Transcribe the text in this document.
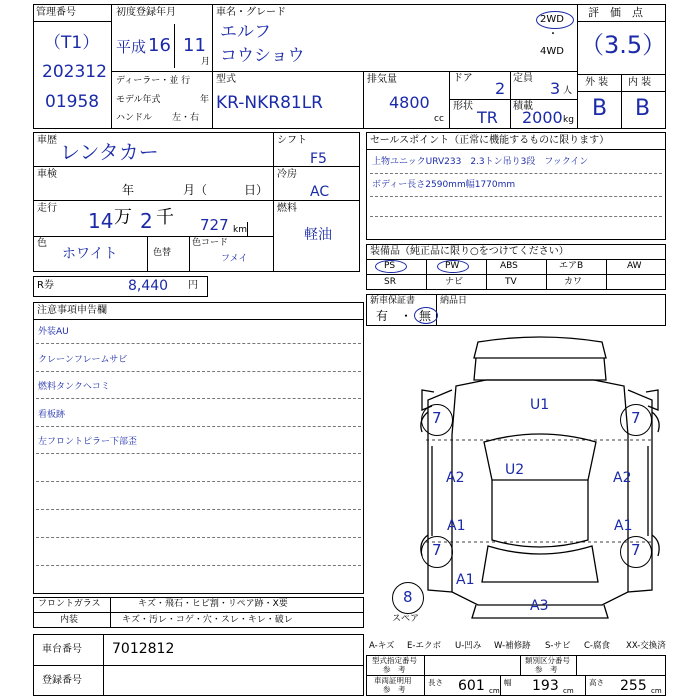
管理番号
（T1）
202312
01958
初度登録年月
平成 16 11
月
車名・グレード
エルフ
コウショウ
2WD
・
4WD
評　価　点
（3.5）
外 装 内 装
B B
ディーラー・並 行
モデル年式	年
ハンドル 左・右
型式
KR-NKR81LR
排気量
4800
cc
ドア
2
定員
3 人
形状
TR
積載
2000 kg
車歴 レンタカー
車検
年	月（	日）
走行
14 万 2 千 727 km
色
ホワイト	色替
色コード
フメイ
シフト
F5
冷房
AC
燃料
軽油
R券	8,440 円
セールスポイント（正常に機能するものに限ります）
上物ユニックURV233　2.3トン吊り3段　フックイン
ボディー長さ2590mm幅1770mm
装備品（純正品に限り○をつけてください）
PS	PW	ABS	エアB	AW
SR	ナビ	TV	カワ
新車保証書
有　・ 無
納品日
注意事項申告欄
外装AU
クレーンフレームサビ
燃料タンクヘコミ
看板跡
左フロントピラー下部歪
U1
U2
A2	A2
A1	A1
A1
A3
7	7
7	7
8
スペア
フロントガラス	キズ・飛石・ヒビ割・リペア跡・X要
内装	キズ・汚レ・コゲ・穴・スレ・キレ・破レ
車台番号 7012812
登録番号
A-キズ E-エクボ U-凹み W-補修跡 S-サビ C-腐食 XX-交換済
型式指定番号
参　考
類別区分番号
参　考
車両証明用
参　考
長さ 601 cm
幅 193 cm
高さ 255 cm
